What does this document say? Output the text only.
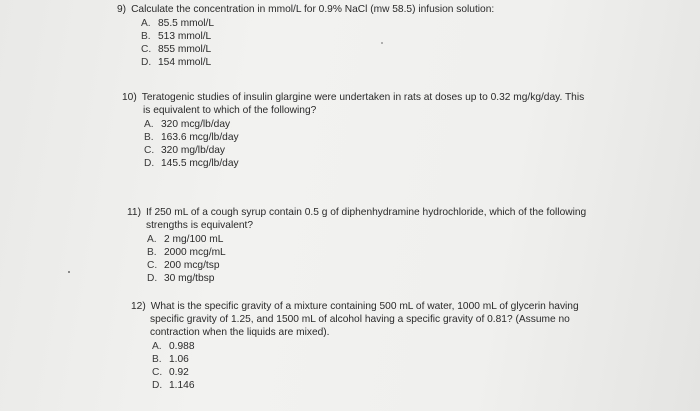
9) Calculate the concentration in mmol/L for 0.9% NaCl (mw 58.5) infusion solution:
A. 85.5 mmol/L
B. 513 mmol/L
C. 855 mmol/L
D. 154 mmol/L
10) Teratogenic studies of insulin glargine were undertaken in rats at doses up to 0.32 mg/kg/day. This
is equivalent to which of the following?
A. 320 mcg/lb/day
B. 163.6 mcg/lb/day
C. 320 mg/lb/day
D. 145.5 mcg/lb/day
11) If 250 mL of a cough syrup contain 0.5 g of diphenhydramine hydrochloride, which of the following
strengths is equivalent?
A. 2 mg/100 mL
B. 2000 mcg/mL
C. 200 mcg/tsp
D. 30 mg/tbsp
12) What is the specific gravity of a mixture containing 500 mL of water, 1000 mL of glycerin having
specific gravity of 1.25, and 1500 mL of alcohol having a specific gravity of 0.81? (Assume no
contraction when the liquids are mixed).
A. 0.988
B. 1.06
C. 0.92
D. 1.146
